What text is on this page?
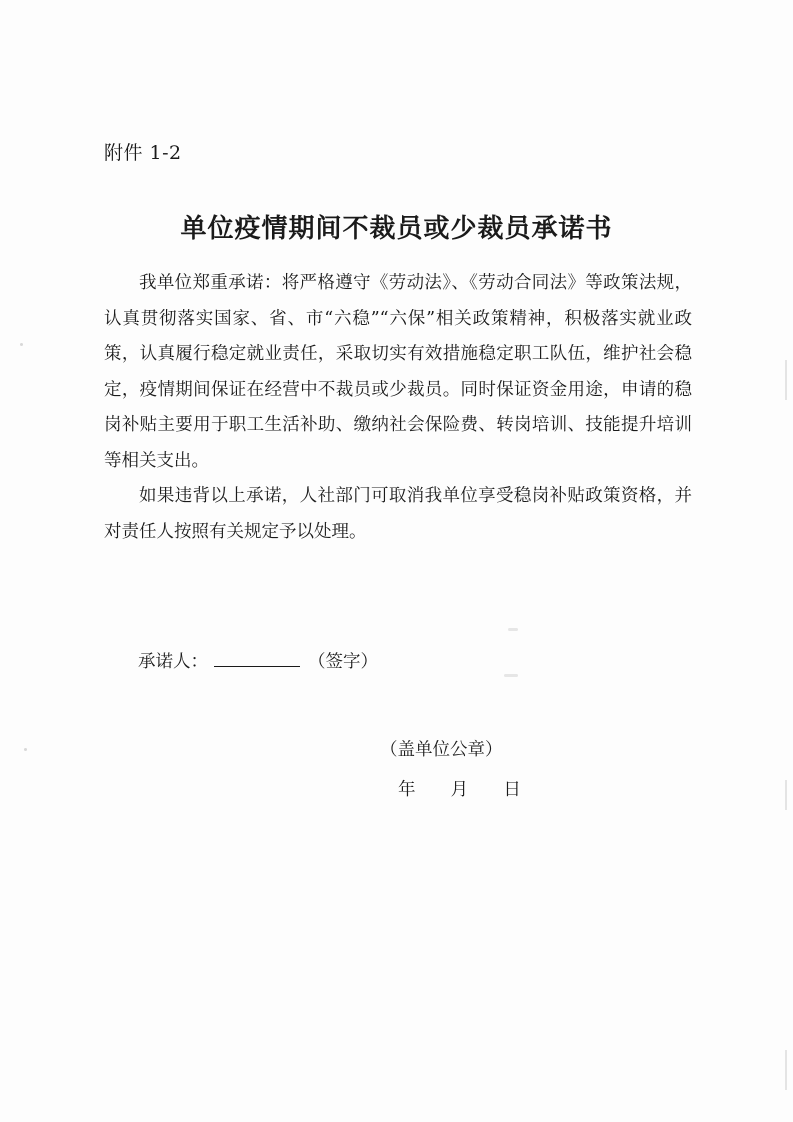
附件 1-2
单位疫情期间不裁员或少裁员承诺书

我单位郑重承诺：将严格遵守《劳动法》、《劳动合同法》等政策法规，认真贯彻落实国家、省、市“六稳”“六保”相关政策精神，积极落实就业政策，认真履行稳定就业责任，采取切实有效措施稳定职工队伍，维护社会稳定，疫情期间保证在经营中不裁员或少裁员。同时保证资金用途，申请的稳岗补贴主要用于职工生活补助、缴纳社会保险费、转岗培训、技能提升培训等相关支出。

如果违背以上承诺，人社部门可取消我单位享受稳岗补贴政策资格，并对责任人按照有关规定予以处理。

承诺人：	（签字）
（盖单位公章）
年 月 日
